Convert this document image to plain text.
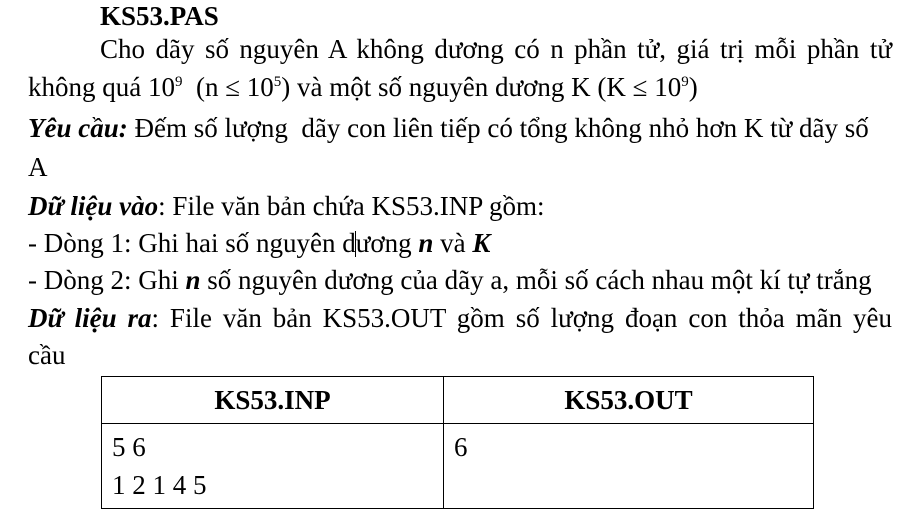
KS53.PAS
Cho dãy số nguyên A không dương có n phần tử, giá trị mỗi phần tử
không quá $10^9$  $(n \le 10^5)$ và một số nguyên dương K $(K \le 10^9)$
Yêu cầu: Đếm số lượng  dãy con liên tiếp có tổng không nhỏ hơn K từ dãy số
A
Dữ liệu vào: File văn bản chứa KS53.INP gồm:
- Dòng 1: Ghi hai số nguyên dương n và K
- Dòng 2: Ghi n số nguyên dương của dãy a, mỗi số cách nhau một kí tự trắng
Dữ liệu ra: File văn bản KS53.OUT gồm số lượng đoạn con thỏa mãn yêu
cầu
KS53.INP	KS53.OUT

5 6
1 2 1 4 5	6
